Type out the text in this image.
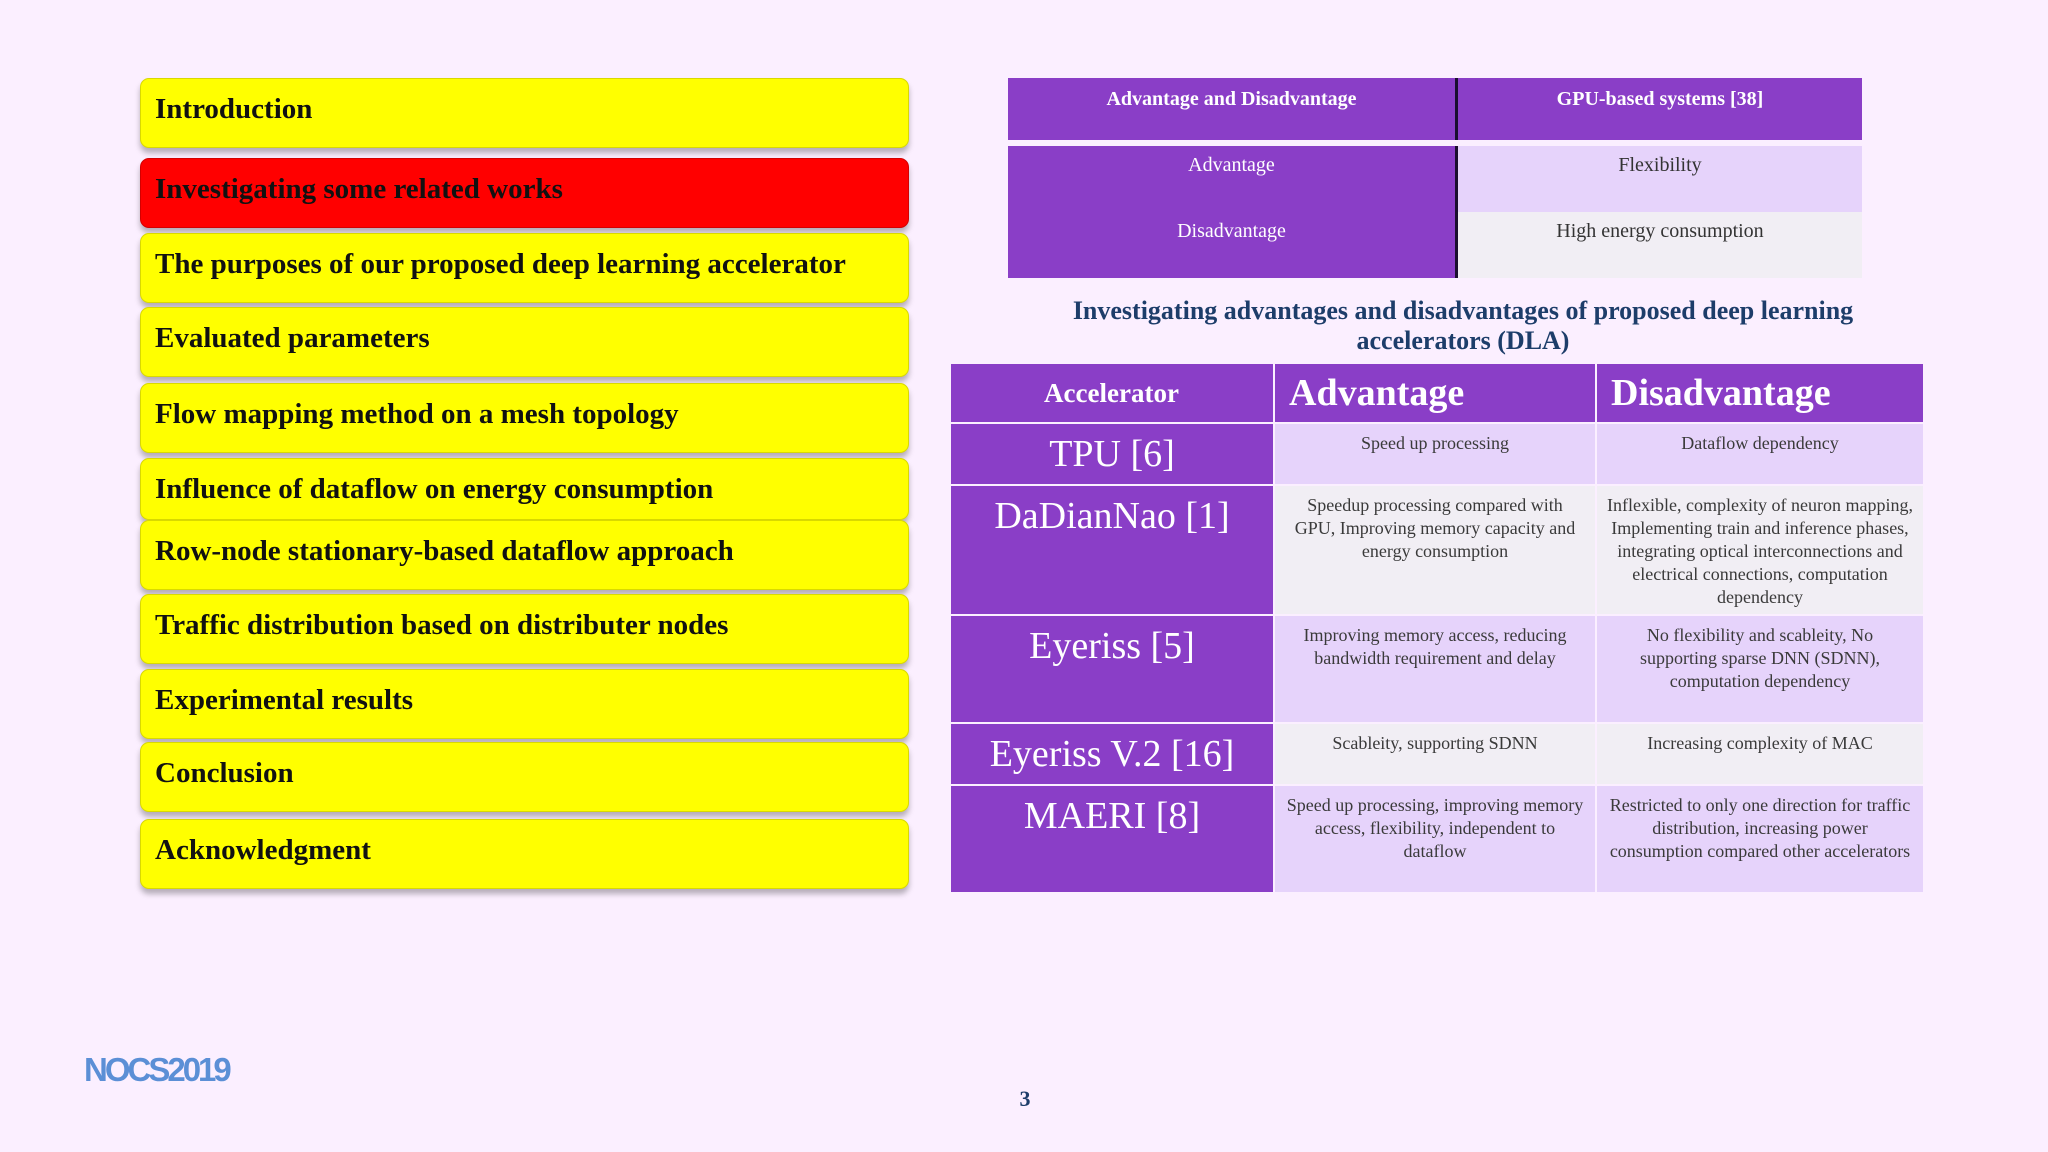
Introduction
Investigating some related works
The purposes of our proposed deep learning accelerator
Evaluated parameters
Flow mapping method on a mesh topology
Influence of dataflow on energy consumption
Row-node stationary-based dataflow approach
Traffic distribution based on distributer nodes
Experimental results
Conclusion
Acknowledgment
Advantage and Disadvantage	GPU-based systems [38]

Advantage	Flexibility
Disadvantage	High energy consumption
Investigating advantages and disadvantages of proposed deep learning accelerators (DLA)
Accelerator	Advantage	Disadvantage
TPU [6]	Speed up processing	Dataflow dependency
DaDianNao [1]	Speedup processing compared with GPU, Improving memory capacity and energy consumption	Inflexible, complexity of neuron mapping, Implementing train and inference phases, integrating optical interconnections and electrical connections, computation dependency
Eyeriss [5]	Improving memory access, reducing bandwidth requirement and delay	No flexibility and scableity, No supporting sparse DNN (SDNN), computation dependency
Eyeriss V.2 [16]	Scableity, supporting SDNN	Increasing complexity of MAC
MAERI [8]	Speed up processing, improving memory access, flexibility, independent to dataflow	Restricted to only one direction for traffic distribution, increasing power consumption compared other accelerators
NOCS2019
3
